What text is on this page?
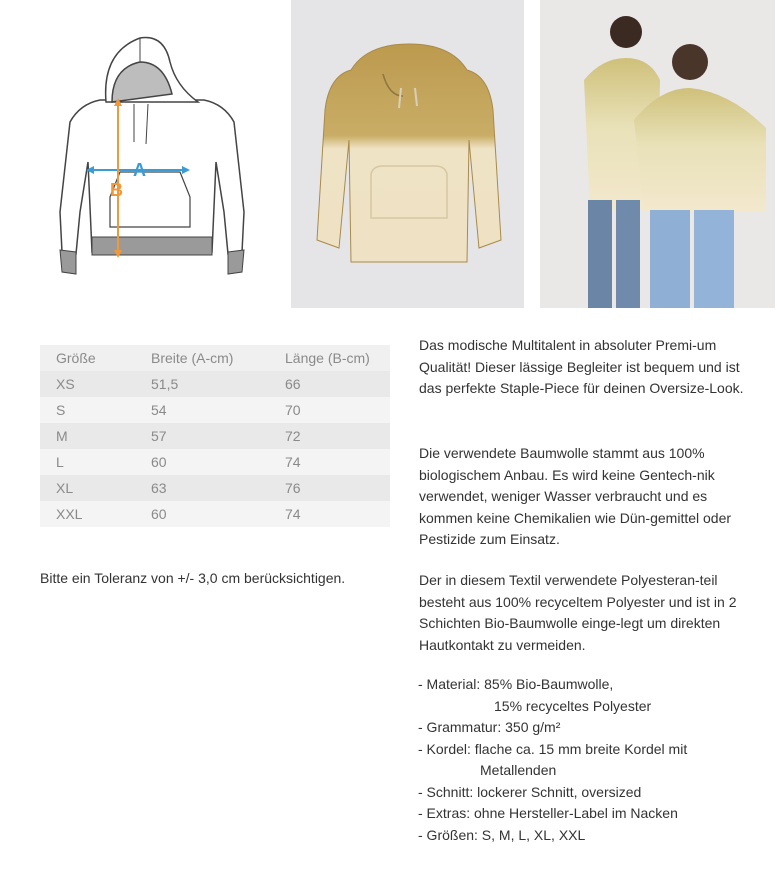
A
B
Größe	Breite (A-cm)	Länge (B-cm)
XS	51,5	66
S	54	70
M	57	72
L	60	74
XL	63	76
XXL	60	74
Bitte ein Toleranz von +/- 3,0 cm berücksichtigen.

Das modische Multitalent in absoluter Premi-um Qualität! Dieser lässige Begleiter ist bequem und ist das perfekte Staple-Piece für deinen Oversize-Look.

Die verwendete Baumwolle stammt aus 100% biologischem Anbau. Es wird keine Gentech-nik verwendet, weniger Wasser verbraucht und es kommen keine Chemikalien wie Dün-gemittel oder Pestizide zum Einsatz.

Der in diesem Textil verwendete Polyesteran-teil besteht aus 100% recyceltem Polyester und ist in 2 Schichten Bio-Baumwolle einge-legt um direkten Hautkontakt zu vermeiden.

- Material: 85% Bio-Baumwolle,

15% recyceltes Polyester

- Grammatur: 350 g/m²

- Kordel: flache ca. 15 mm breite Kordel mit

Metallenden

- Schnitt: lockerer Schnitt, oversized

- Extras: ohne Hersteller-Label im Nacken

- Größen: S, M, L, XL, XXL
